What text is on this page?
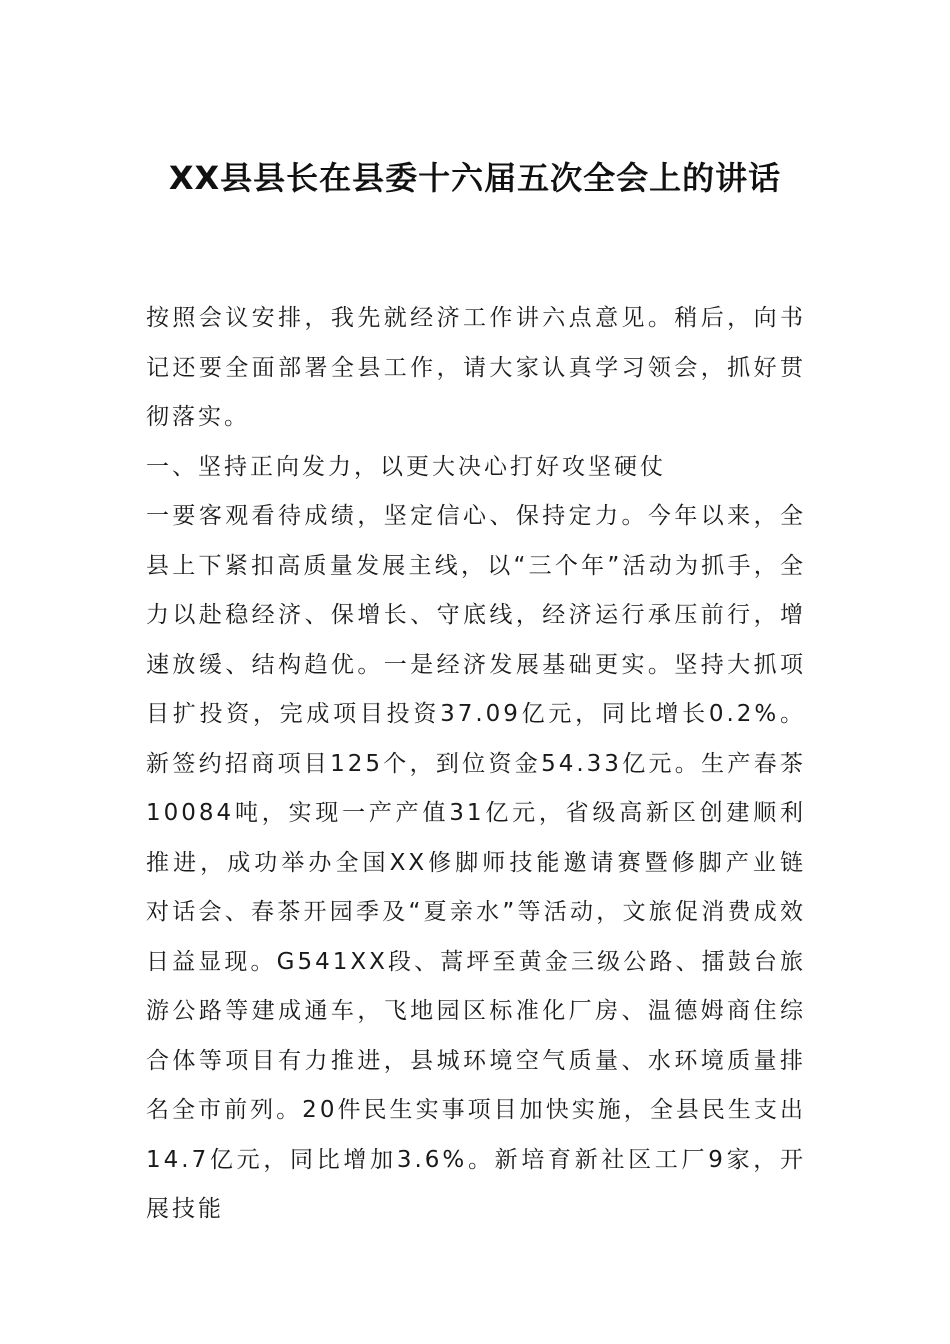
XX县县长在县委十六届五次全会上的讲话

按照会议安排，我先就经济工作讲六点意见。稍后，向书记还要全面部署全县工作，请大家认真学习领会，抓好贯彻落实。

一、坚持正向发力，以更大决心打好攻坚硬仗

一要客观看待成绩，坚定信心、保持定力。今年以来，全县上下紧扣高质量发展主线，以“三个年”活动为抓手，全力以赴稳经济、保增长、守底线，经济运行承压前行，增速放缓、结构趋优。一是经济发展基础更实。坚持大抓项目扩投资，完成项目投资37.09亿元，同比增长0.2%。新签约招商项目125个，到位资金54.33亿元。生产春茶10084吨，实现一产产值31亿元，省级高新区创建顺利推进，成功举办全国XX修脚师技能邀请赛暨修脚产业链对话会、春茶开园季及“夏亲水”等活动，文旅促消费成效日益显现。G541XX段、蒿坪至黄金三级公路、擂鼓台旅游公路等建成通车，飞地园区标准化厂房、温德姆商住综合体等项目有力推进，县城环境空气质量、水环境质量排名全市前列。20件民生实事项目加快实施，全县民生支出14.7亿元，同比增加3.6%。新培育新社区工厂9家，开展技能
